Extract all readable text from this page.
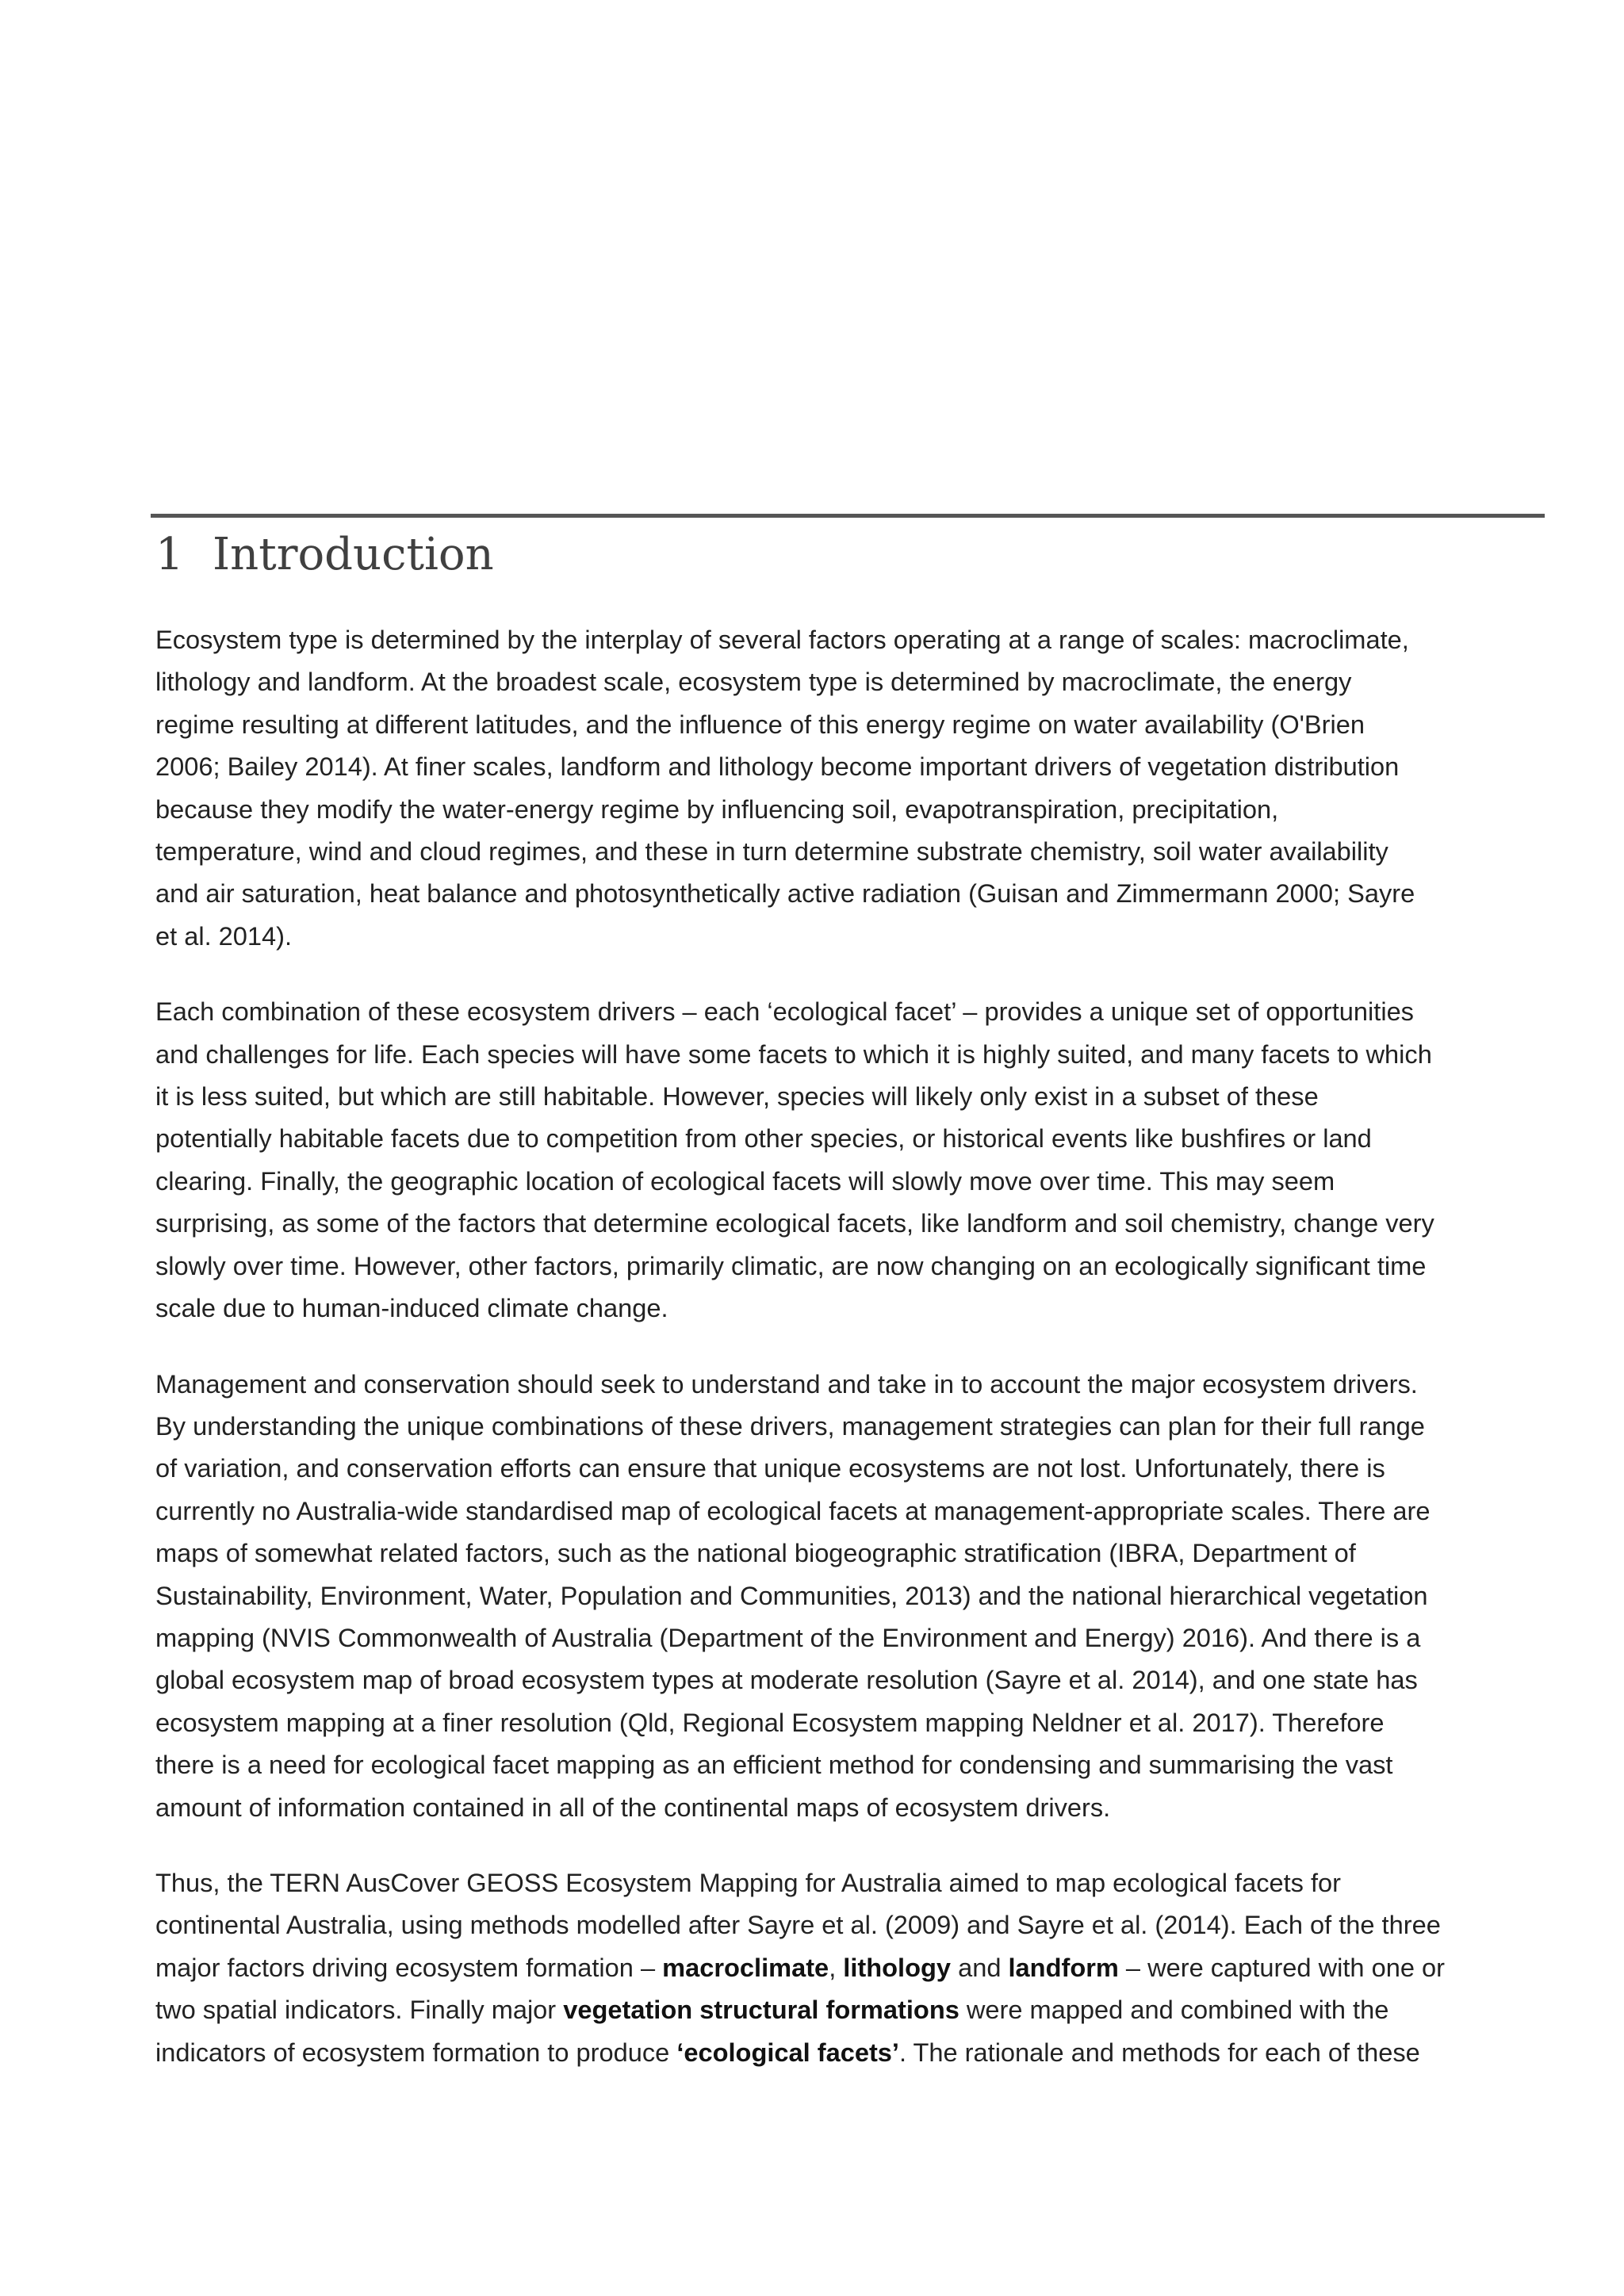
1 Introduction

Ecosystem type is determined by the interplay of several factors operating at a range of scales: macroclimate,
lithology and landform. At the broadest scale, ecosystem type is determined by macroclimate, the energy
regime resulting at different latitudes, and the influence of this energy regime on water availability (O'Brien
2006; Bailey 2014). At finer scales, landform and lithology become important drivers of vegetation distribution
because they modify the water-energy regime by influencing soil, evapotranspiration, precipitation,
temperature, wind and cloud regimes, and these in turn determine substrate chemistry, soil water availability
and air saturation, heat balance and photosynthetically active radiation (Guisan and Zimmermann 2000; Sayre
et al. 2014).

Each combination of these ecosystem drivers – each ‘ecological facet’ – provides a unique set of opportunities
and challenges for life. Each species will have some facets to which it is highly suited, and many facets to which
it is less suited, but which are still habitable. However, species will likely only exist in a subset of these
potentially habitable facets due to competition from other species, or historical events like bushfires or land
clearing. Finally, the geographic location of ecological facets will slowly move over time. This may seem
surprising, as some of the factors that determine ecological facets, like landform and soil chemistry, change very
slowly over time. However, other factors, primarily climatic, are now changing on an ecologically significant time
scale due to human-induced climate change.

Management and conservation should seek to understand and take in to account the major ecosystem drivers.
By understanding the unique combinations of these drivers, management strategies can plan for their full range
of variation, and conservation efforts can ensure that unique ecosystems are not lost. Unfortunately, there is
currently no Australia-wide standardised map of ecological facets at management-appropriate scales. There are
maps of somewhat related factors, such as the national biogeographic stratification (IBRA, Department of
Sustainability, Environment, Water, Population and Communities, 2013) and the national hierarchical vegetation
mapping (NVIS Commonwealth of Australia (Department of the Environment and Energy) 2016). And there is a
global ecosystem map of broad ecosystem types at moderate resolution (Sayre et al. 2014), and one state has
ecosystem mapping at a finer resolution (Qld, Regional Ecosystem mapping Neldner et al. 2017). Therefore
there is a need for ecological facet mapping as an efficient method for condensing and summarising the vast
amount of information contained in all of the continental maps of ecosystem drivers.

Thus, the TERN AusCover GEOSS Ecosystem Mapping for Australia aimed to map ecological facets for
continental Australia, using methods modelled after Sayre et al. (2009) and Sayre et al. (2014). Each of the three
major factors driving ecosystem formation – macroclimate, lithology and landform – were captured with one or
two spatial indicators. Finally major vegetation structural formations were mapped and combined with the
indicators of ecosystem formation to produce ‘ecological facets’. The rationale and methods for each of these
